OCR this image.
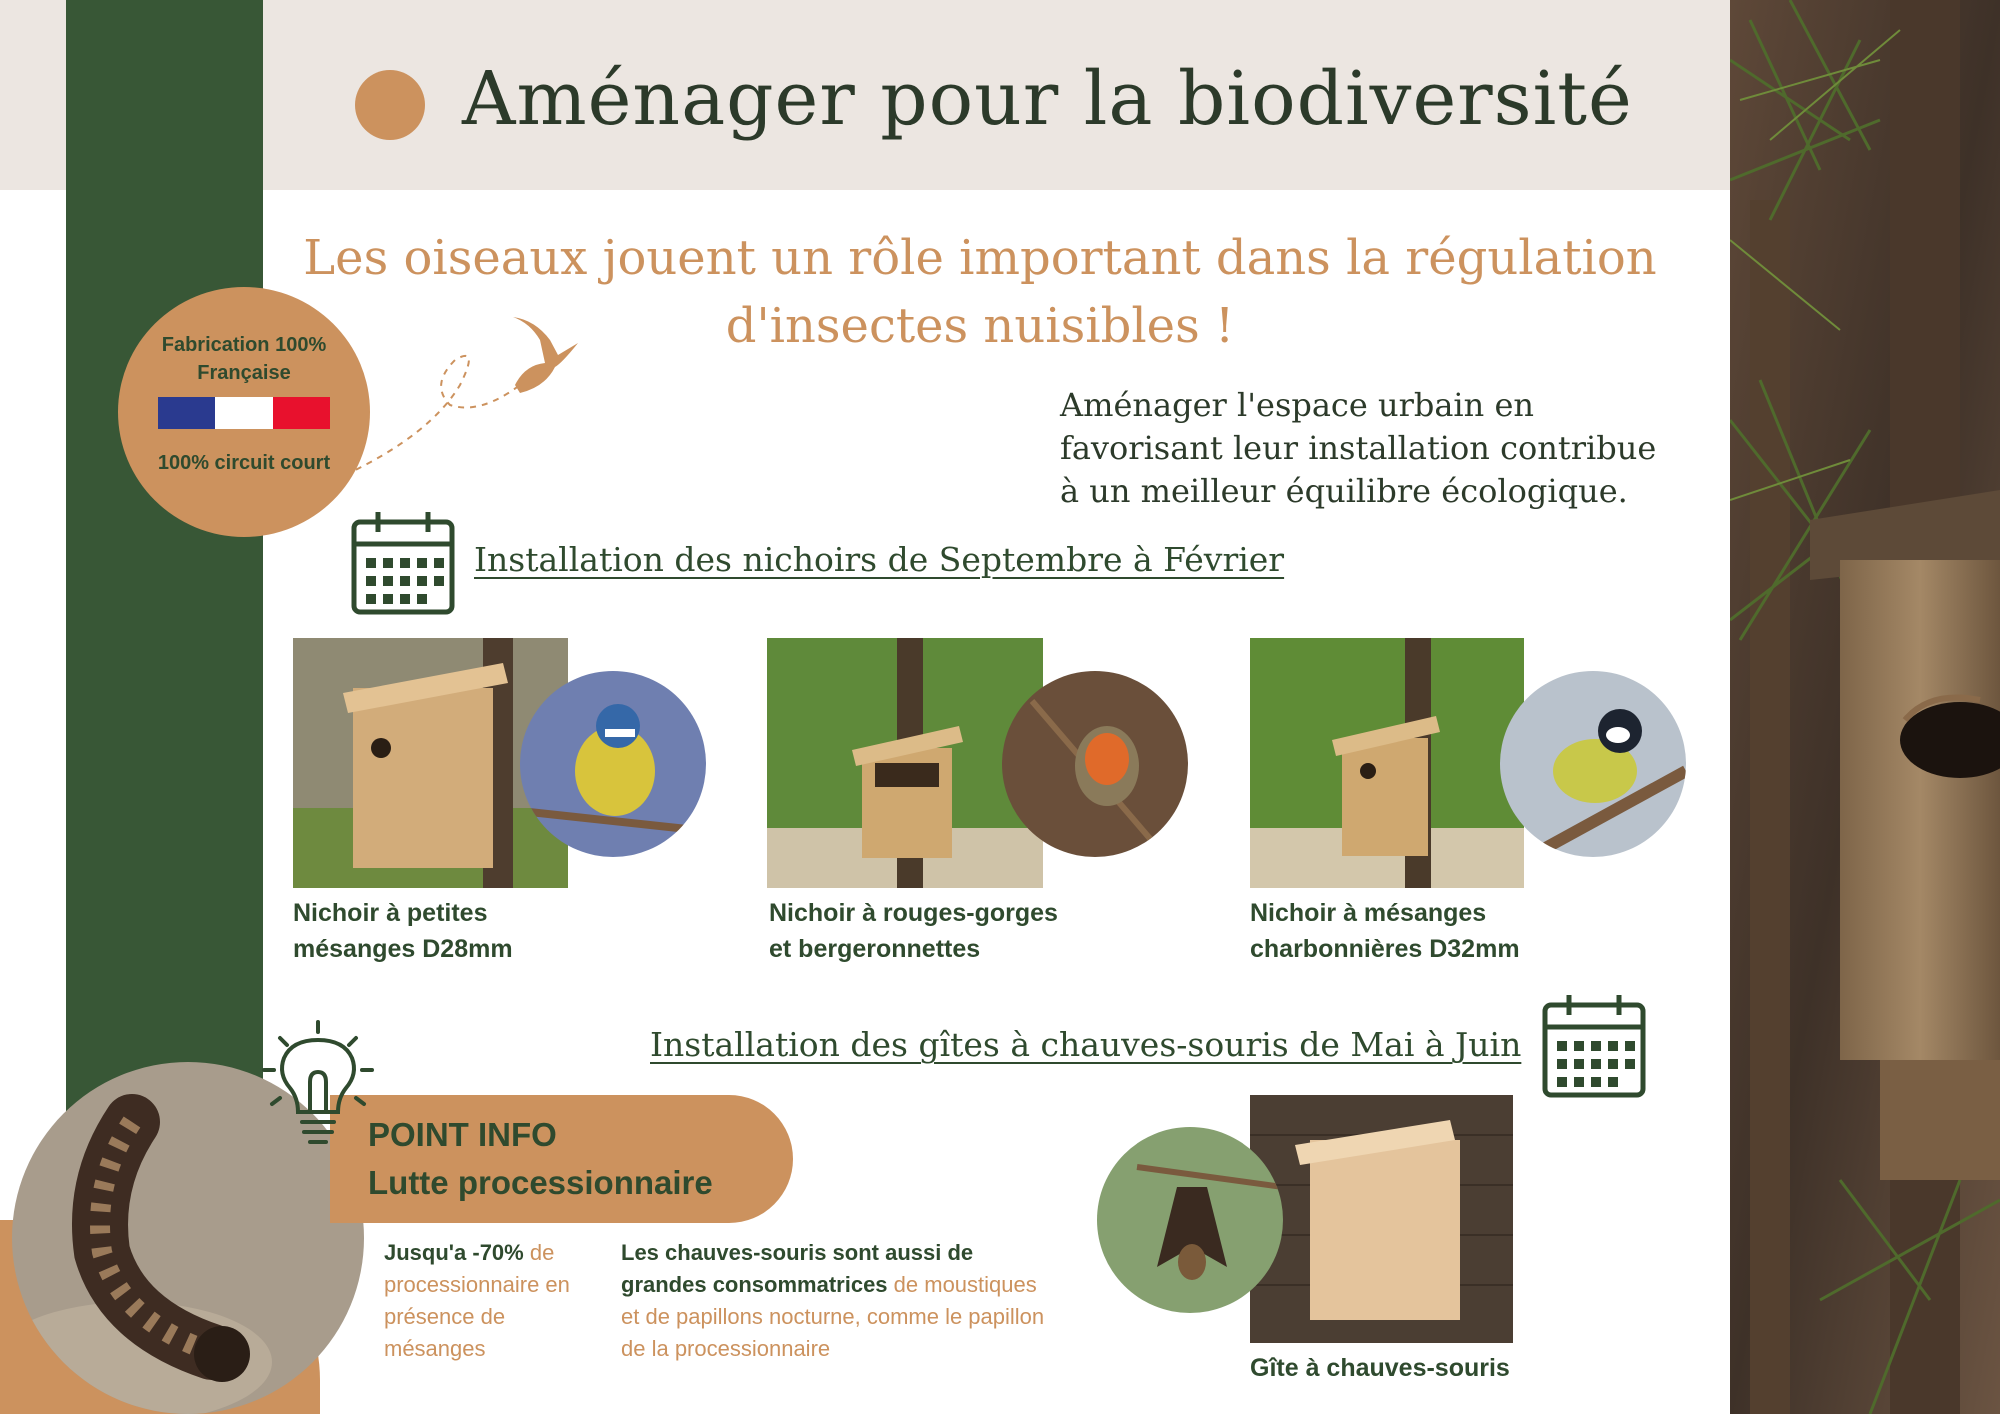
Aménager pour la biodiversité
Les oiseaux jouent un rôle important dans la régulation
d'insectes nuisibles !
Fabrication 100%
Française
100% circuit court
Aménager l'espace urbain en
favorisant leur installation contribue
à un meilleur équilibre écologique.
Installation des nichoirs de Septembre à Février
Nichoir à petites
mésanges D28mm
Nichoir à rouges-gorges
et bergeronnettes
Nichoir à mésanges
charbonnières D32mm
Installation des gîtes à chauves-souris de Mai à Juin
Gîte à chauves-souris
POINT INFO
Lutte processionnaire
Jusqu'a -70% de processionnaire en présence de mésanges
Les chauves-souris sont aussi de grandes consommatrices de moustiques et de papillons nocturne, comme le papillon de la processionnaire
